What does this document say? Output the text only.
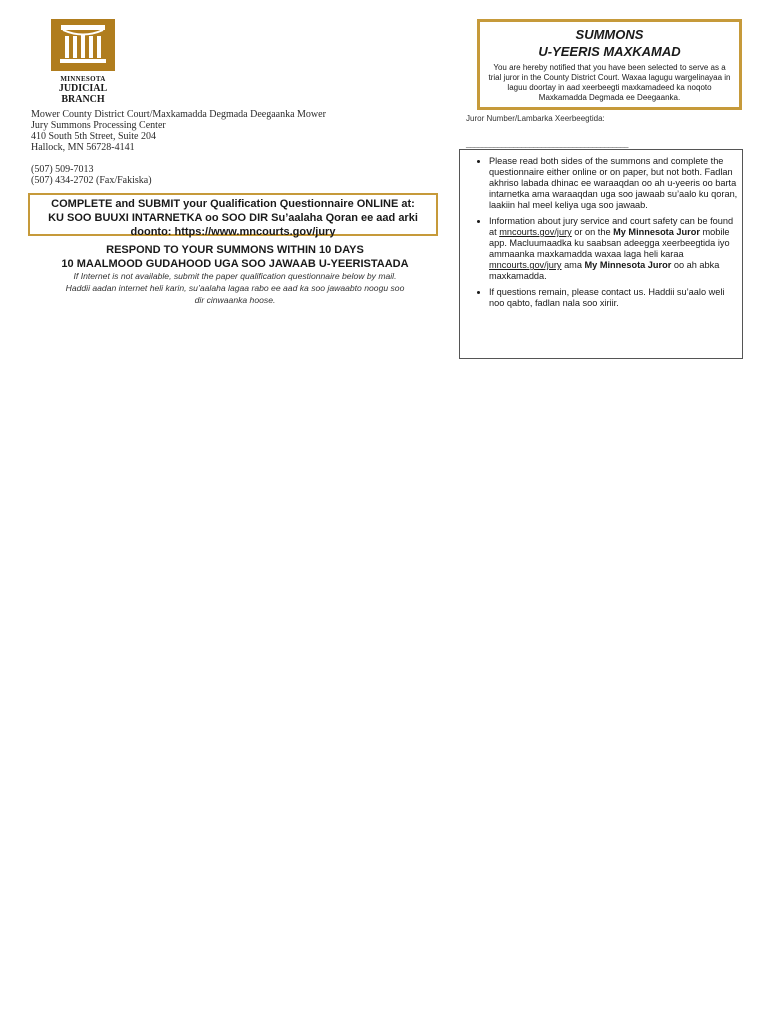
MINNESOTA
JUDICIAL
BRANCH
Mower County District Court/Maxkamadda Degmada Deegaanka Mower
Jury Summons Processing Center
410 South 5th Street, Suite 204
Hallock, MN 56728-4141
(507) 509-7013
(507) 434-2702 (Fax/Fakiska)
COMPLETE and SUBMIT your Qualification Questionnaire ONLINE at:
KU SOO BUUXI INTARNETKA oo SOO DIR Su’aalaha Qoran ee aad arki
doonto: https://www.mncourts.gov/jury
RESPOND TO YOUR SUMMONS WITHIN 10 DAYS
10 MAALMOOD GUDAHOOD UGA SOO JAWAAB U-YEERISTAADA
If Internet is not available, submit the paper qualification questionnaire below by mail.
Haddii aadan internet heli karin, su’aalaha lagaa rabo ee aad ka soo jawaabto noogu soo
dir cinwaanka hoose.
SUMMONS
U-YEERIS MAXKAMAD
You are hereby notified that you have been selected to serve as a trial juror in the County District Court. Waxaa lagugu wargelinayaa in laguu doortay in aad xeerbeegti maxkamadeed ka noqoto Maxkamadda Degmada ee Deegaanka.
Juror Number/Lambarka Xeerbeegtida:
_________________________________________
• Please read both sides of the summons and complete the questionnaire either online or on paper, but not both. Fadlan akhriso labada dhinac ee waraaqdan oo ah u-yeeris oo barta intarnetka ama waraaqdan uga soo jawaab su’aalo ku qoran, laakiin hal meel keliya uga soo jawaab.
• Information about jury service and court safety can be found at mncourts.gov/jury or on the My Minnesota Juror mobile app. Macluumaadka ku saabsan adeegga xeerbeegtida iyo ammaanka maxkamadda waxaa laga heli karaa mncourts.gov/jury ama My Minnesota Juror oo ah abka maxkamadda.
• If questions remain, please contact us. Haddii su’aalo weli noo qabto, fadlan nala soo xiriir.
